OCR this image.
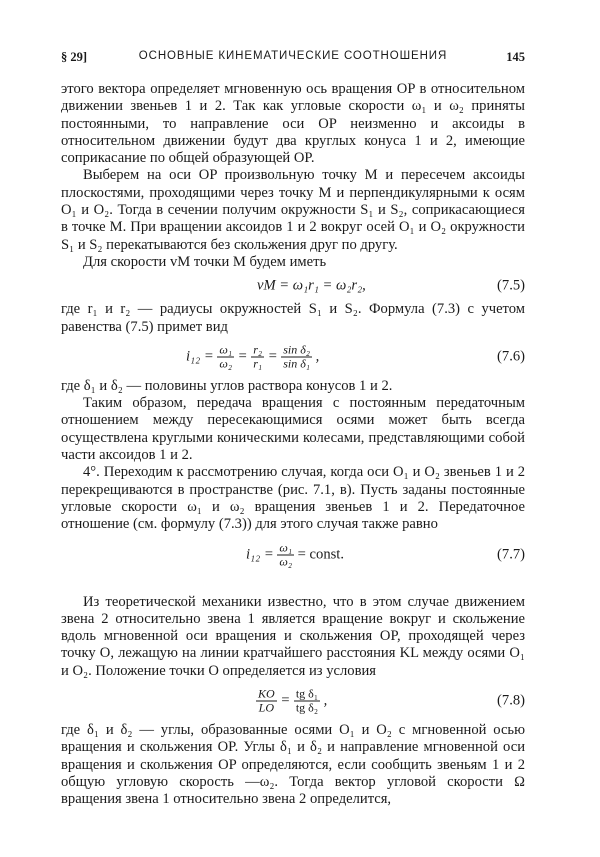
§ 29]	ОСНОВНЫЕ КИНЕМАТИЧЕСКИЕ СООТНОШЕНИЯ	145

этого вектора определяет мгновенную ось вращения OP в относительном движении звеньев 1 и 2. Так как угловые скорости ω₁ и ω₂ приняты постоянными, то направление оси OP неизменно и аксоиды в относительном движении будут два круглых конуса 1 и 2, имеющие соприкасание по общей образующей OP.

Выберем на оси OP произвольную точку M и пересечем аксоиды плоскостями, проходящими через точку M и перпендикулярными к осям O₁ и O₂. Тогда в сечении получим окружности S₁ и S₂, соприкасающиеся в точке M. При вращении аксоидов 1 и 2 вокруг осей O₁ и O₂ окружности S₁ и S₂ перекатываются без скольжения друг по другу.

Для скорости vM точки M будем иметь

vM = ω₁r₁ = ω₂r₂,	(7.5)

где r₁ и r₂ — радиусы окружностей S₁ и S₂. Формула (7.3) с учетом равенства (7.5) примет вид

$i_{12} = \frac{\text{ω₁}}{\text{ω₂}} = \frac{\text{r₂}}{\text{r₁}} = \frac{\text{sin δ₂}}{\text{sin δ₁}}$ ,	(7.6)

где δ₁ и δ₂ — половины углов раствора конусов 1 и 2.

Таким образом, передача вращения с постоянным передаточным отношением между пересекающимися осями может быть всегда осуществлена круглыми коническими колесами, представляющими собой части аксоидов 1 и 2.

4°. Переходим к рассмотрению случая, когда оси O₁ и O₂ звеньев 1 и 2 перекрещиваются в пространстве (рис. 7.1, в). Пусть заданы постоянные угловые скорости ω₁ и ω₂ вращения звеньев 1 и 2. Передаточное отношение (см. формулу (7.3)) для этого случая также равно

$i_{12} = \frac{\text{ω₁}}{\text{ω₂}}$ = const.	(7.7)

Из теоретической механики известно, что в этом случае движением звена 2 относительно звена 1 является вращение вокруг и скольжение вдоль мгновенной оси вращения и скольжения OP, проходящей через точку O, лежащую на линии кратчайшего расстояния KL между осями O₁ и O₂. Положение точки O определяется из условия

$\frac{KO}{LO} = \frac{\text{tg δ₁}}{\text{tg δ₂}}$ ,	(7.8)

где δ₁ и δ₂ — углы, образованные осями O₁ и O₂ с мгновенной осью вращения и скольжения OP. Углы δ₁ и δ₂ и направление мгновенной оси вращения и скольжения OP определяются, если сообщить звеньям 1 и 2 общую угловую скорость —ω₂. Тогда вектор угловой скорости Ω вращения звена 1 относительно звена 2 определится,
